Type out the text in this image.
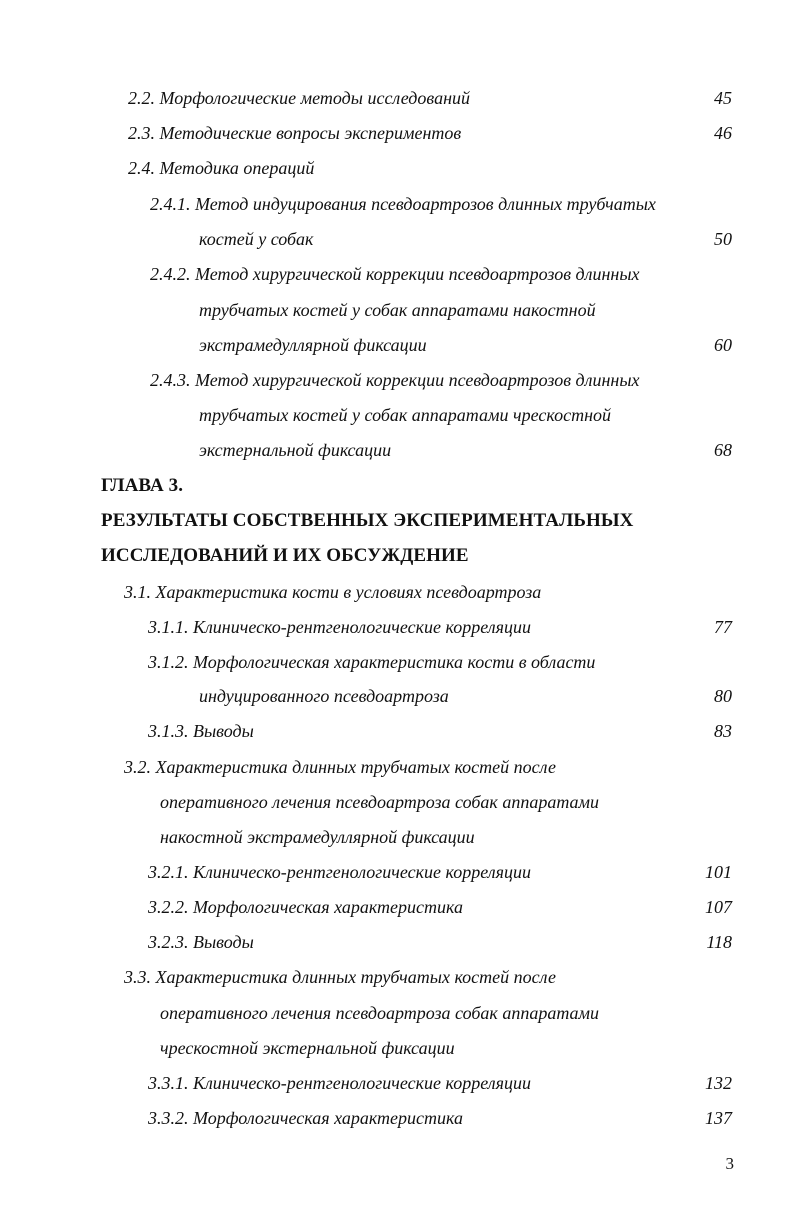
2.2. Морфологические методы исследований	45
2.3. Методические вопросы экспериментов	46
2.4. Методика операций
2.4.1. Метод индуцирования псевдоартрозов длинных трубчатых
костей у собак	50
2.4.2. Метод хирургической коррекции псевдоартрозов длинных
трубчатых костей у собак аппаратами накостной
экстрамедуллярной фиксации	60
2.4.3. Метод хирургической коррекции псевдоартрозов длинных
трубчатых костей у собак аппаратами чрескостной
экстернальной фиксации	68
ГЛАВА 3.
РЕЗУЛЬТАТЫ СОБСТВЕННЫХ ЭКСПЕРИМЕНТАЛЬНЫХ
ИССЛЕДОВАНИЙ И ИХ ОБСУЖДЕНИЕ
3.1. Характеристика кости в условиях псевдоартроза
3.1.1. Клиническо-рентгенологические корреляции	77
3.1.2. Морфологическая характеристика кости в области
индуцированного псевдоартроза	80
3.1.3. Выводы	83
3.2. Характеристика длинных трубчатых костей после
оперативного лечения псевдоартроза собак аппаратами
накостной экстрамедуллярной фиксации
3.2.1. Клиническо-рентгенологические корреляции	101
3.2.2. Морфологическая характеристика	107
3.2.3. Выводы	118
3.3. Характеристика длинных трубчатых костей после
оперативного лечения псевдоартроза собак аппаратами
чрескостной экстернальной фиксации
3.3.1. Клиническо-рентгенологические корреляции	132
3.3.2. Морфологическая характеристика	137
3
